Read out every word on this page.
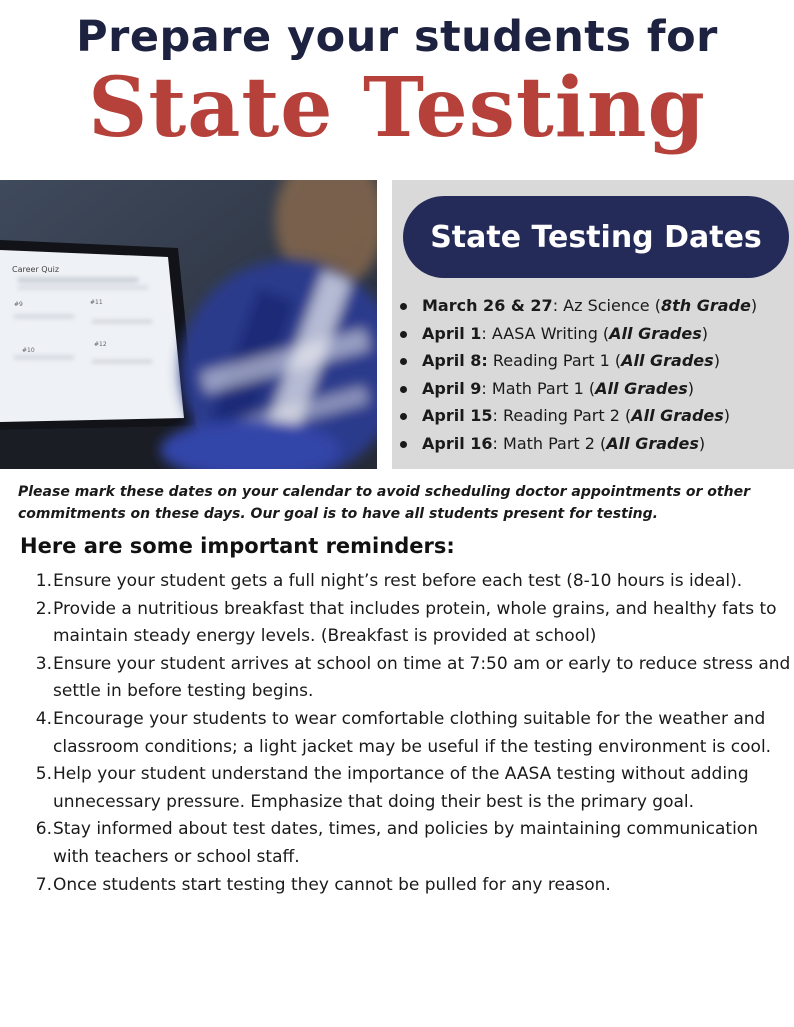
Prepare your students for
State Testing
Career Quiz
#9	#11
#10
#12
State Testing Dates
March 26 & 27: Az Science (8th Grade)
April 1: AASA Writing (All Grades)
April 8: Reading Part 1 (All Grades)
April 9: Math Part 1 (All Grades)
April 15: Reading Part 2 (All Grades)
April 16: Math Part 2 (All Grades)
Please mark these dates on your calendar to avoid scheduling doctor appointments or other commitments on these days. Our goal is to have all students present for testing.
Here are some important reminders:
1. Ensure your student gets a full night’s rest before each test (8-10 hours is ideal).
2. Provide a nutritious breakfast that includes protein, whole grains, and healthy fats to maintain steady energy levels. (Breakfast is provided at school)
3. Ensure your student arrives at school on time at 7:50 am or early to reduce stress and settle in before testing begins.
4. Encourage your students to wear comfortable clothing suitable for the weather and classroom conditions; a light jacket may be useful if the testing environment is cool.
5. Help your student understand the importance of the AASA testing without adding unnecessary pressure. Emphasize that doing their best is the primary goal.
6. Stay informed about test dates, times, and policies by maintaining communication with teachers or school staff.
7. Once students start testing they cannot be pulled for any reason.
